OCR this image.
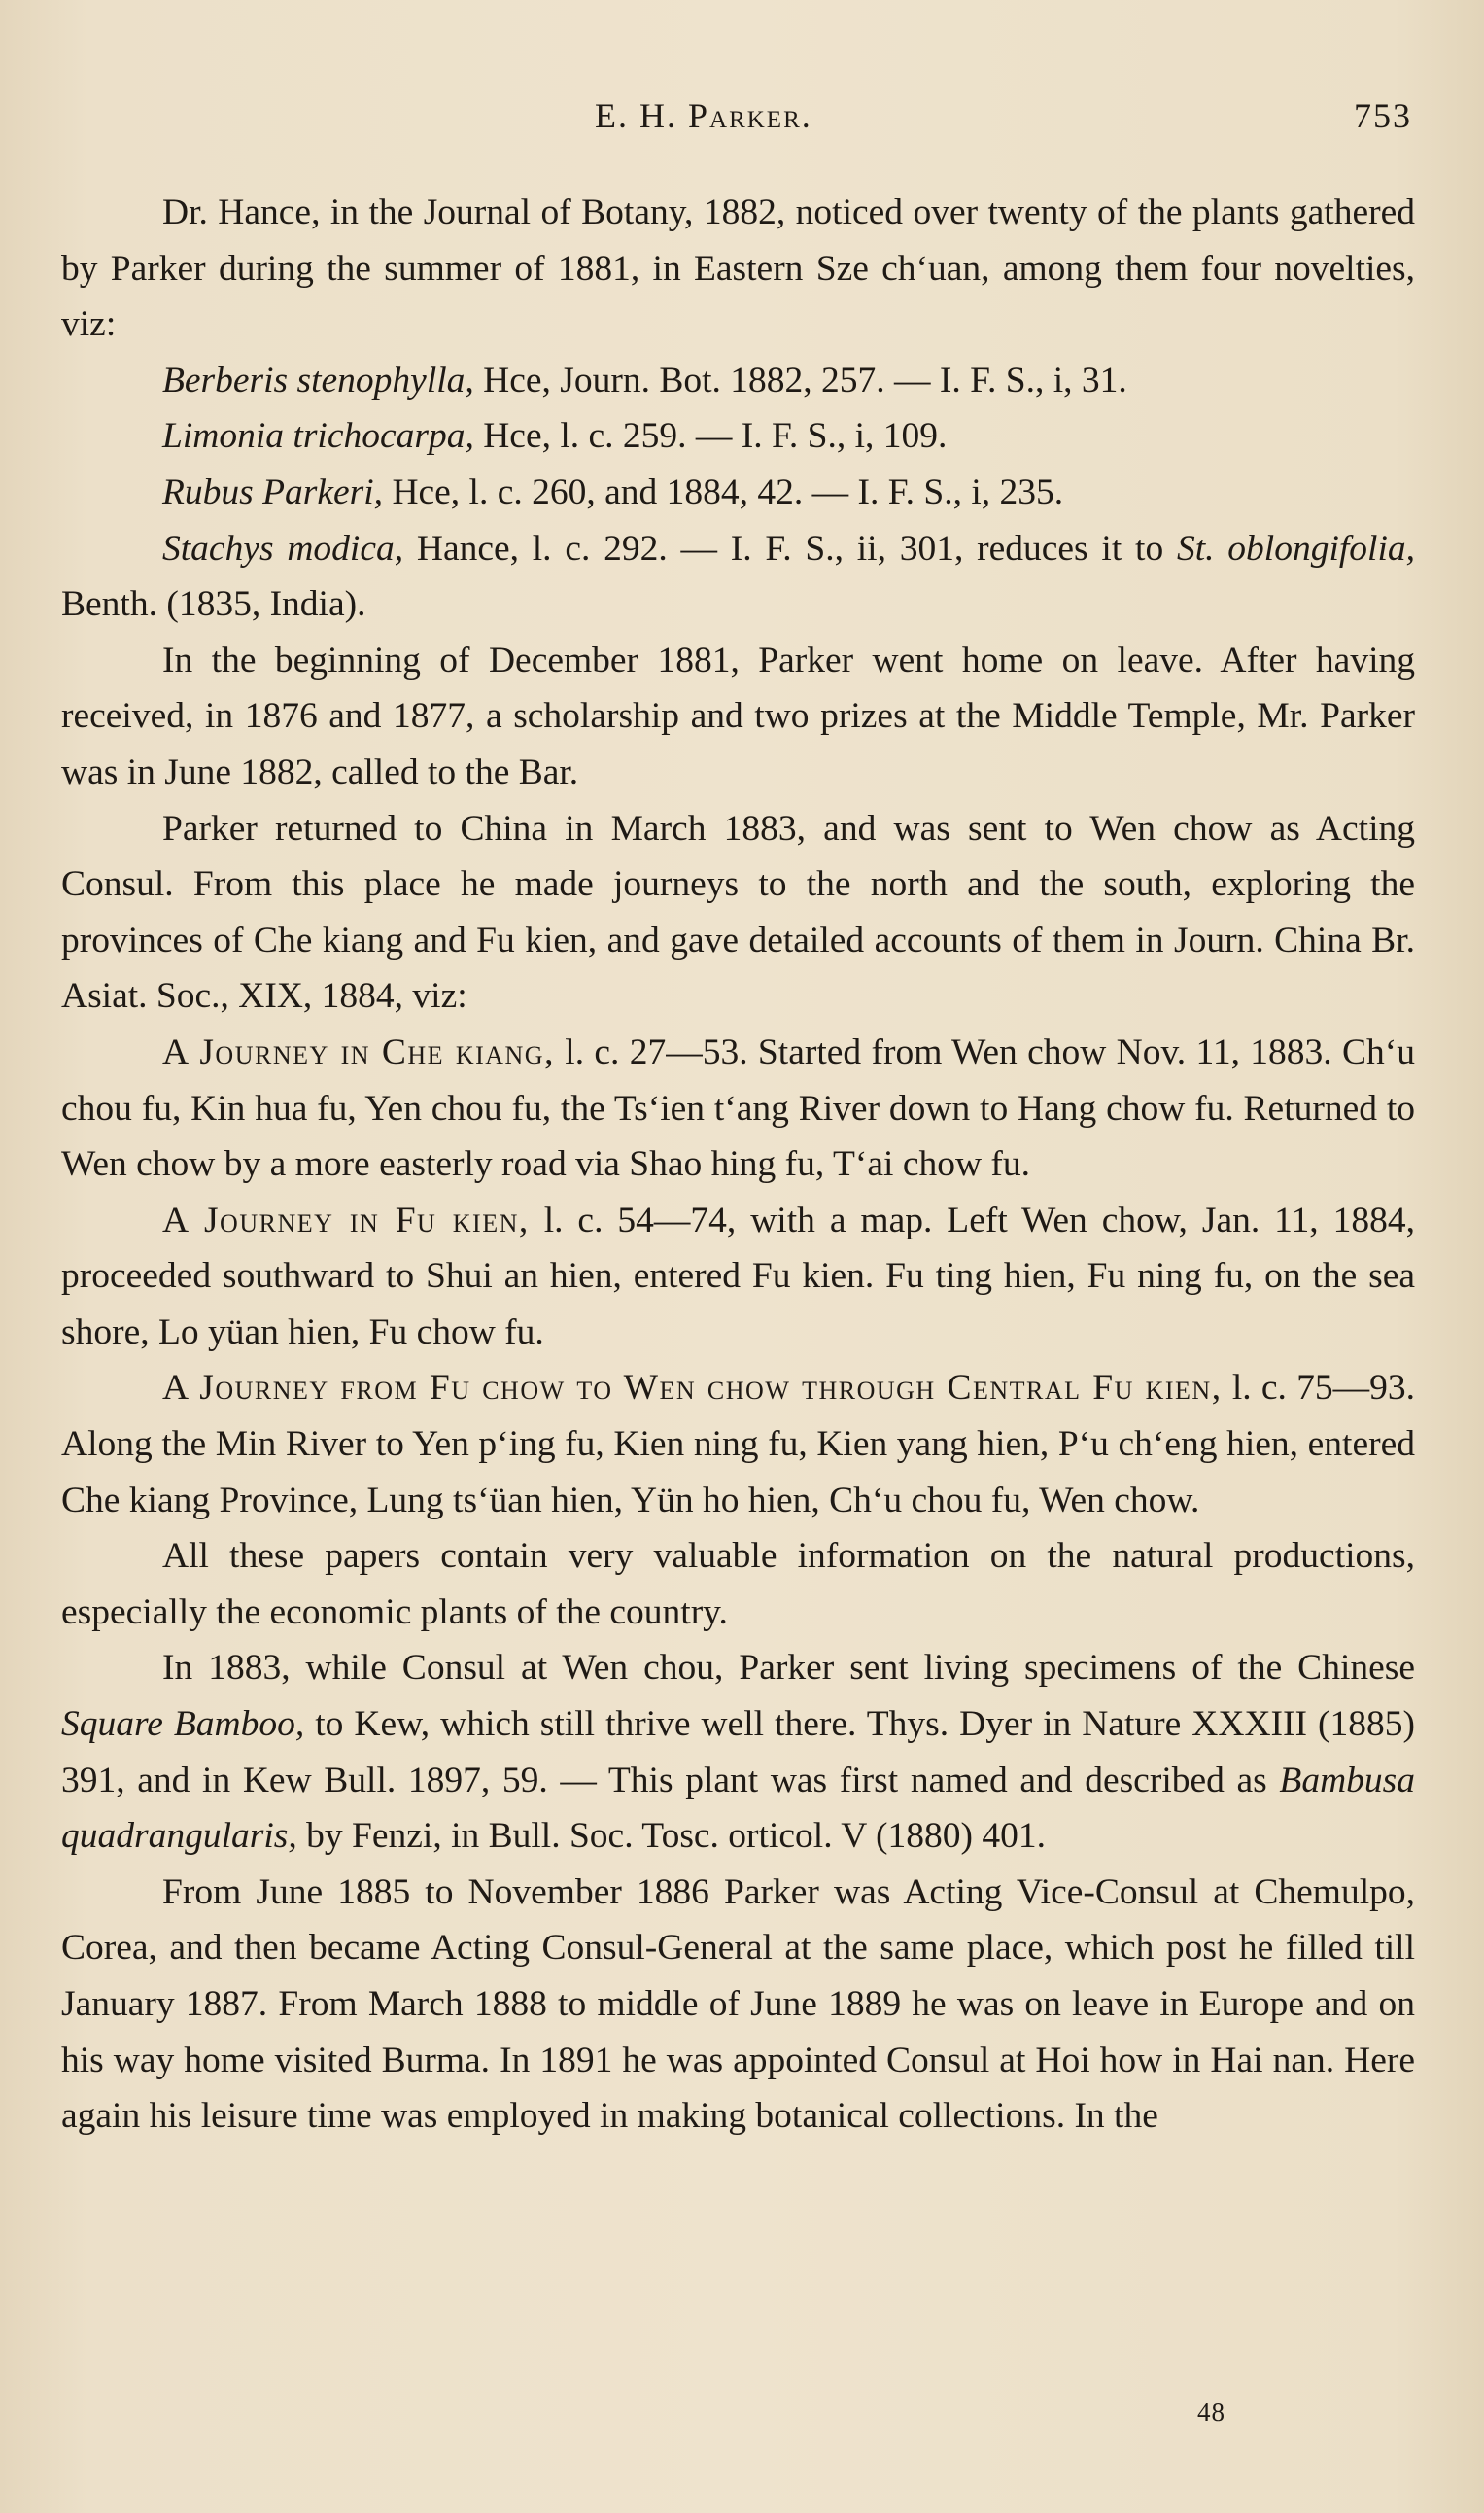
E. H. Parker.	753

Dr. Hance, in the Journal of Botany, 1882, noticed over twenty of the plants gathered by Parker during the summer of 1881, in Eastern Sze chʻuan, among them four novelties, viz:

Berberis stenophylla, Hce, Journ. Bot. 1882, 257. — I. F. S., i, 31.

Limonia trichocarpa, Hce, l. c. 259. — I. F. S., i, 109.

Rubus Parkeri, Hce, l. c. 260, and 1884, 42. — I. F. S., i, 235.

Stachys modica, Hance, l. c. 292. — I. F. S., ii, 301, reduces it to St. oblongifolia, Benth. (1835, India).

In the beginning of December 1881, Parker went home on leave. After having received, in 1876 and 1877, a scholarship and two prizes at the Middle Temple, Mr. Parker was in June 1882, called to the Bar.

Parker returned to China in March 1883, and was sent to Wen chow as Acting Consul. From this place he made journeys to the north and the south, exploring the provinces of Che kiang and Fu kien, and gave detailed accounts of them in Journ. China Br. Asiat. Soc., XIX, 1884, viz:

A Journey in Che kiang, l. c. 27—53. Started from Wen chow Nov. 11, 1883. Chʻu chou fu, Kin hua fu, Yen chou fu, the Tsʻien tʻang River down to Hang chow fu. Returned to Wen chow by a more easterly road via Shao hing fu, Tʻai chow fu.

A Journey in Fu kien, l. c. 54—74, with a map. Left Wen chow, Jan. 11, 1884, proceeded southward to Shui an hien, entered Fu kien. Fu ting hien, Fu ning fu, on the sea shore, Lo yüan hien, Fu chow fu.

A Journey from Fu chow to Wen chow through Central Fu kien, l. c. 75—93. Along the Min River to Yen pʻing fu, Kien ning fu, Kien yang hien, Pʻu chʻeng hien, entered Che kiang Province, Lung tsʻüan hien, Yün ho hien, Chʻu chou fu, Wen chow.

All these papers contain very valuable information on the natural productions, especially the economic plants of the country.

In 1883, while Consul at Wen chou, Parker sent living specimens of the Chinese Square Bamboo, to Kew, which still thrive well there. Thys. Dyer in Nature XXXIII (1885) 391, and in Kew Bull. 1897, 59. — This plant was first named and described as Bambusa quadrangularis, by Fenzi, in Bull. Soc. Tosc. orticol. V (1880) 401.

From June 1885 to November 1886 Parker was Acting Vice-Consul at Chemulpo, Corea, and then became Acting Consul-General at the same place, which post he filled till January 1887. From March 1888 to middle of June 1889 he was on leave in Europe and on his way home visited Burma. In 1891 he was appointed Consul at Hoi how in Hai nan. Here again his leisure time was employed in making botanical collections. In the

48
